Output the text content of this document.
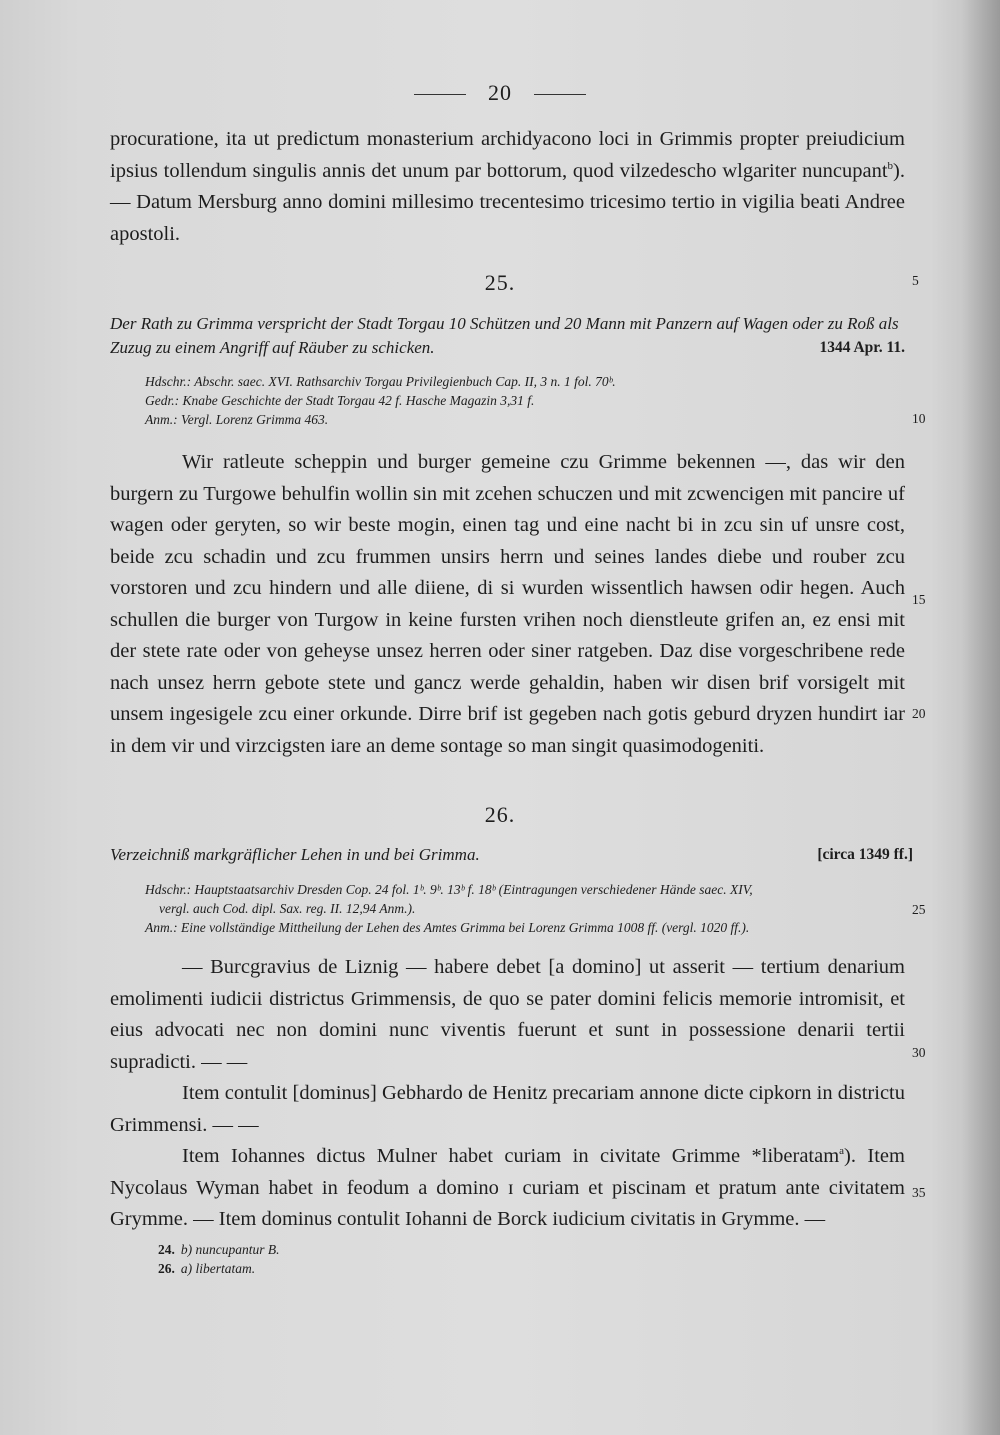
20

procuratione, ita ut predictum monasterium archidyacono loci in Grimmis propter preiudicium ipsius tollendum singulis annis det unum par bottorum, quod vilzedescho wlgariter nuncupant$^b$). — Datum Mersburg anno domini millesimo trecentesimo tricesimo tertio in vigilia beati Andree apostoli.

25.
Der Rath zu Grimma verspricht der Stadt Torgau 10 Schützen und 20 Mann mit Panzern auf Wagen oder zu Roß als Zuzug zu einem Angriff auf Räuber zu schicken.	1344 Apr. 11.
Hdschr.: Abschr. saec. XVI. Rathsarchiv Torgau Privilegienbuch Cap. II, 3 n. 1 fol. 70ᵇ.
Gedr.: Knabe Geschichte der Stadt Torgau 42 f. Hasche Magazin 3,31 f.
Anm.: Vergl. Lorenz Grimma 463.

Wir ratleute scheppin und burger gemeine czu Grimme bekennen —, das wir den burgern zu Turgowe behulfin wollin sin mit zcehen schuczen und mit zcwencigen mit pancire uf wagen oder geryten, so wir beste mogin, einen tag und eine nacht bi in zcu sin uf unsre cost, beide zcu schadin und zcu frummen unsirs herrn und seines landes diebe und rouber zcu vorstoren und zcu hindern und alle diiene, di si wurden wissentlich hawsen odir hegen. Auch schullen die burger von Turgow in keine fursten vrihen noch dienstleute grifen an, ez ensi mit der stete rate oder von geheyse unsez herren oder siner ratgeben. Daz dise vorgeschribene rede nach unsez herrn gebote stete und gancz werde gehaldin, haben wir disen brif vorsigelt mit unsem ingesigele zcu einer orkunde. Dirre brif ist gegeben nach gotis geburd dryzen hundirt iar in dem vir und virzcigsten iare an deme sontage so man singit quasimodogeniti.

26.
Verzeichniß markgräflicher Lehen in und bei Grimma.	[circa 1349 ff.]
Hdschr.: Hauptstaatsarchiv Dresden Cop. 24 fol. 1ᵇ. 9ᵇ. 13ᵇ f. 18ᵇ (Eintragungen verschiedener Hände saec. XIV,
vergl. auch Cod. dipl. Sax. reg. II. 12,94 Anm.).
Anm.: Eine vollständige Mittheilung der Lehen des Amtes Grimma bei Lorenz Grimma 1008 ff. (vergl. 1020 ff.).

— Burcgravius de Liznig — habere debet [a domino] ut asserit — tertium denarium emolimenti iudicii districtus Grimmensis, de quo se pater domini felicis memorie intromisit, et eius advocati nec non domini nunc viventis fuerunt et sunt in possessione denarii tertii supradicti. — —

Item contulit [dominus] Gebhardo de Henitz precariam annone dicte cipkorn in districtu Grimmensi. — —

Item Iohannes dictus Mulner habet curiam in civitate Grimme *liberatam$^a$). Item Nycolaus Wyman habet in feodum a domino ɪ curiam et piscinam et pratum ante civitatem Grymme. — Item dominus contulit Iohanni de Borck iudicium civitatis in Grymme. —

5
10
15
20
25
30
35
24. b) nuncupantur B.
26. a) libertatam.
